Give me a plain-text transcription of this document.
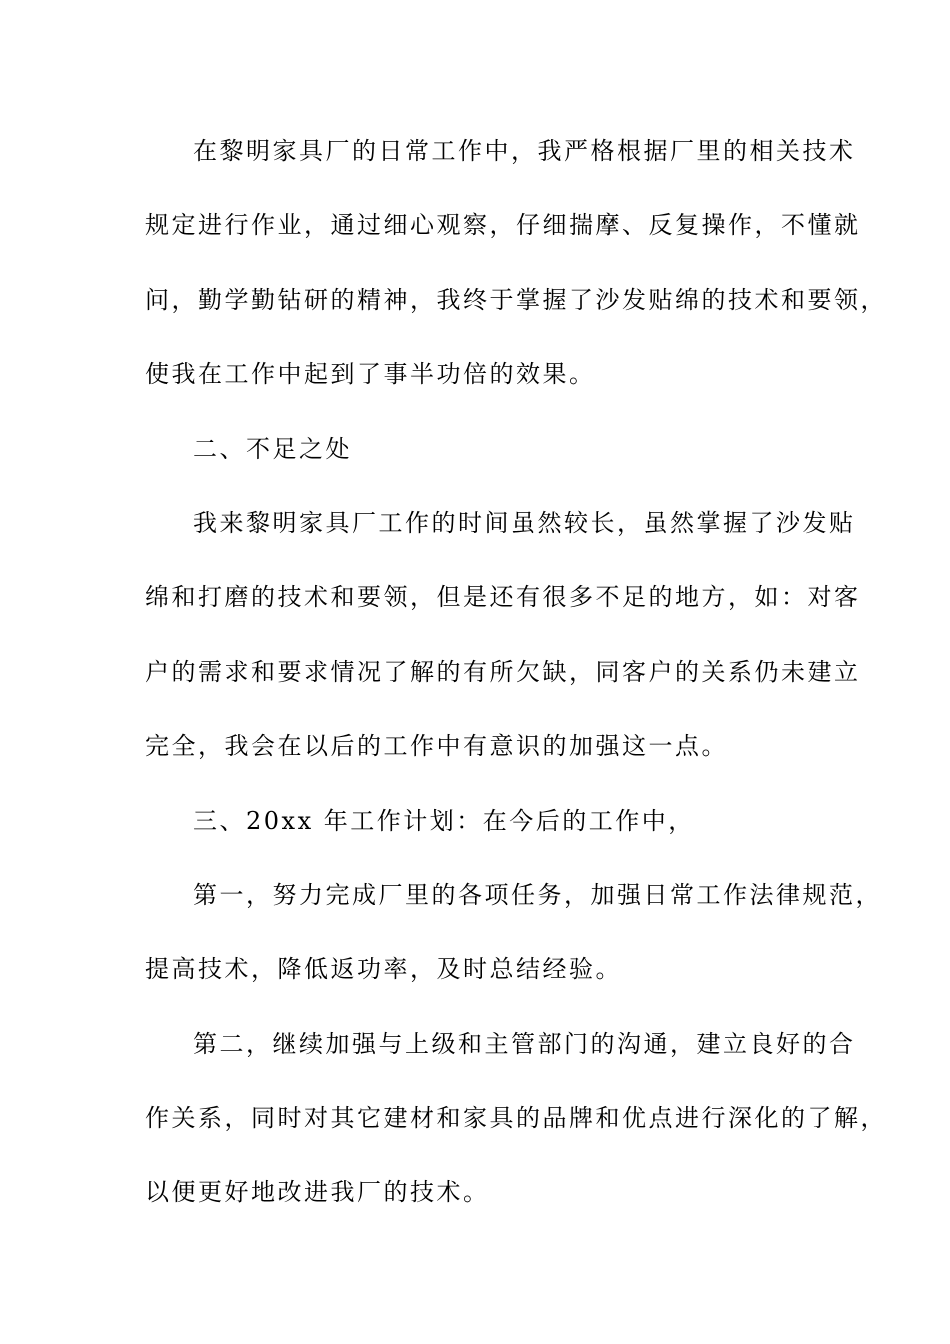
在黎明家具厂的日常工作中，我严格根据厂里的相关技术
规定进行作业，通过细心观察，仔细揣摩、反复操作，不懂就
问，勤学勤钻研的精神，我终于掌握了沙发贴绵的技术和要领，
使我在工作中起到了事半功倍的效果。
二、不足之处
我来黎明家具厂工作的时间虽然较长，虽然掌握了沙发贴
绵和打磨的技术和要领，但是还有很多不足的地方，如：对客
户的需求和要求情况了解的有所欠缺，同客户的关系仍未建立
完全，我会在以后的工作中有意识的加强这一点。
三、20xx 年工作计划：在今后的工作中，
第一，努力完成厂里的各项任务，加强日常工作法律规范，
提高技术，降低返功率，及时总结经验。
第二，继续加强与上级和主管部门的沟通，建立良好的合
作关系，同时对其它建材和家具的品牌和优点进行深化的了解，
以便更好地改进我厂的技术。
